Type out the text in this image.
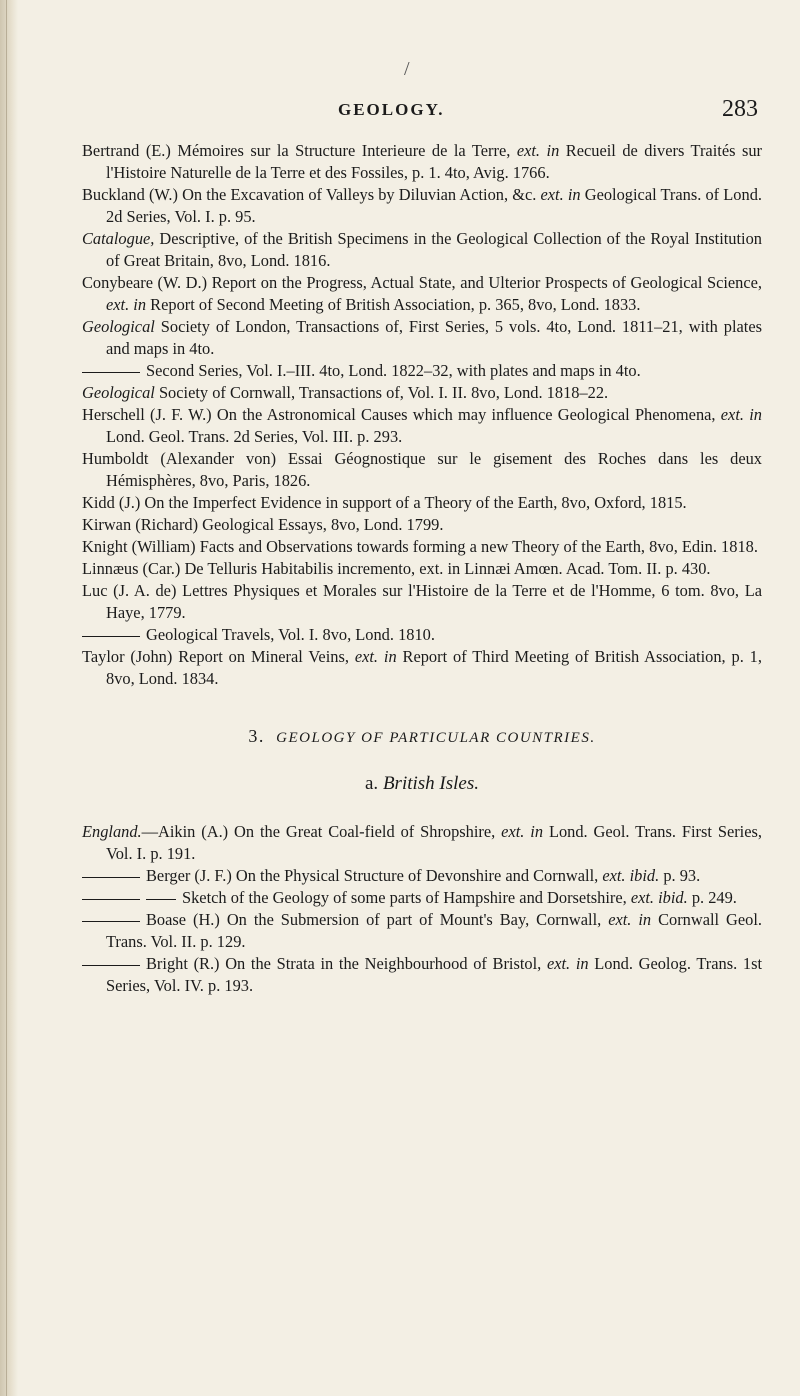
/
GEOLOGY.	283

Bertrand (E.) Mémoires sur la Structure Interieure de la Terre, ext. in Recueil de divers Traités sur l'Histoire Naturelle de la Terre et des Fossiles, p. 1. 4to, Avig. 1766.

Buckland (W.) On the Excavation of Valleys by Diluvian Action, &c. ext. in Geological Trans. of Lond. 2d Series, Vol. I. p. 95.

Catalogue, Descriptive, of the British Specimens in the Geological Collection of the Royal Institution of Great Britain, 8vo, Lond. 1816.

Conybeare (W. D.) Report on the Progress, Actual State, and Ulterior Prospects of Geological Science, ext. in Report of Second Meeting of British Association, p. 365, 8vo, Lond. 1833.

Geological Society of London, Transactions of, First Series, 5 vols. 4to, Lond. 1811–21, with plates and maps in 4to.

Second Series, Vol. I.–III. 4to, Lond. 1822–32, with plates and maps in 4to.

Geological Society of Cornwall, Transactions of, Vol. I. II. 8vo, Lond. 1818–22.

Herschell (J. F. W.) On the Astronomical Causes which may influence Geological Phenomena, ext. in Lond. Geol. Trans. 2d Series, Vol. III. p. 293.

Humboldt (Alexander von) Essai Géognostique sur le gisement des Roches dans les deux Hémisphères, 8vo, Paris, 1826.

Kidd (J.) On the Imperfect Evidence in support of a Theory of the Earth, 8vo, Oxford, 1815.

Kirwan (Richard) Geological Essays, 8vo, Lond. 1799.

Knight (William) Facts and Observations towards forming a new Theory of the Earth, 8vo, Edin. 1818.

Linnæus (Car.) De Telluris Habitabilis incremento, ext. in Linnæi Amœn. Acad. Tom. II. p. 430.

Luc (J. A. de) Lettres Physiques et Morales sur l'Histoire de la Terre et de l'Homme, 6 tom. 8vo, La Haye, 1779.

Geological Travels, Vol. I. 8vo, Lond. 1810.

Taylor (John) Report on Mineral Veins, ext. in Report of Third Meeting of British Association, p. 1, 8vo, Lond. 1834.

3. GEOLOGY OF PARTICULAR COUNTRIES.
a. British Isles.

England.—Aikin (A.) On the Great Coal-field of Shropshire, ext. in Lond. Geol. Trans. First Series, Vol. I. p. 191.

Berger (J. F.) On the Physical Structure of Devonshire and Cornwall, ext. ibid. p. 93.

Sketch of the Geology of some parts of Hampshire and Dorsetshire, ext. ibid. p. 249.

Boase (H.) On the Submersion of part of Mount's Bay, Cornwall, ext. in Cornwall Geol. Trans. Vol. II. p. 129.

Bright (R.) On the Strata in the Neighbourhood of Bristol, ext. in Lond. Geolog. Trans. 1st Series, Vol. IV. p. 193.
